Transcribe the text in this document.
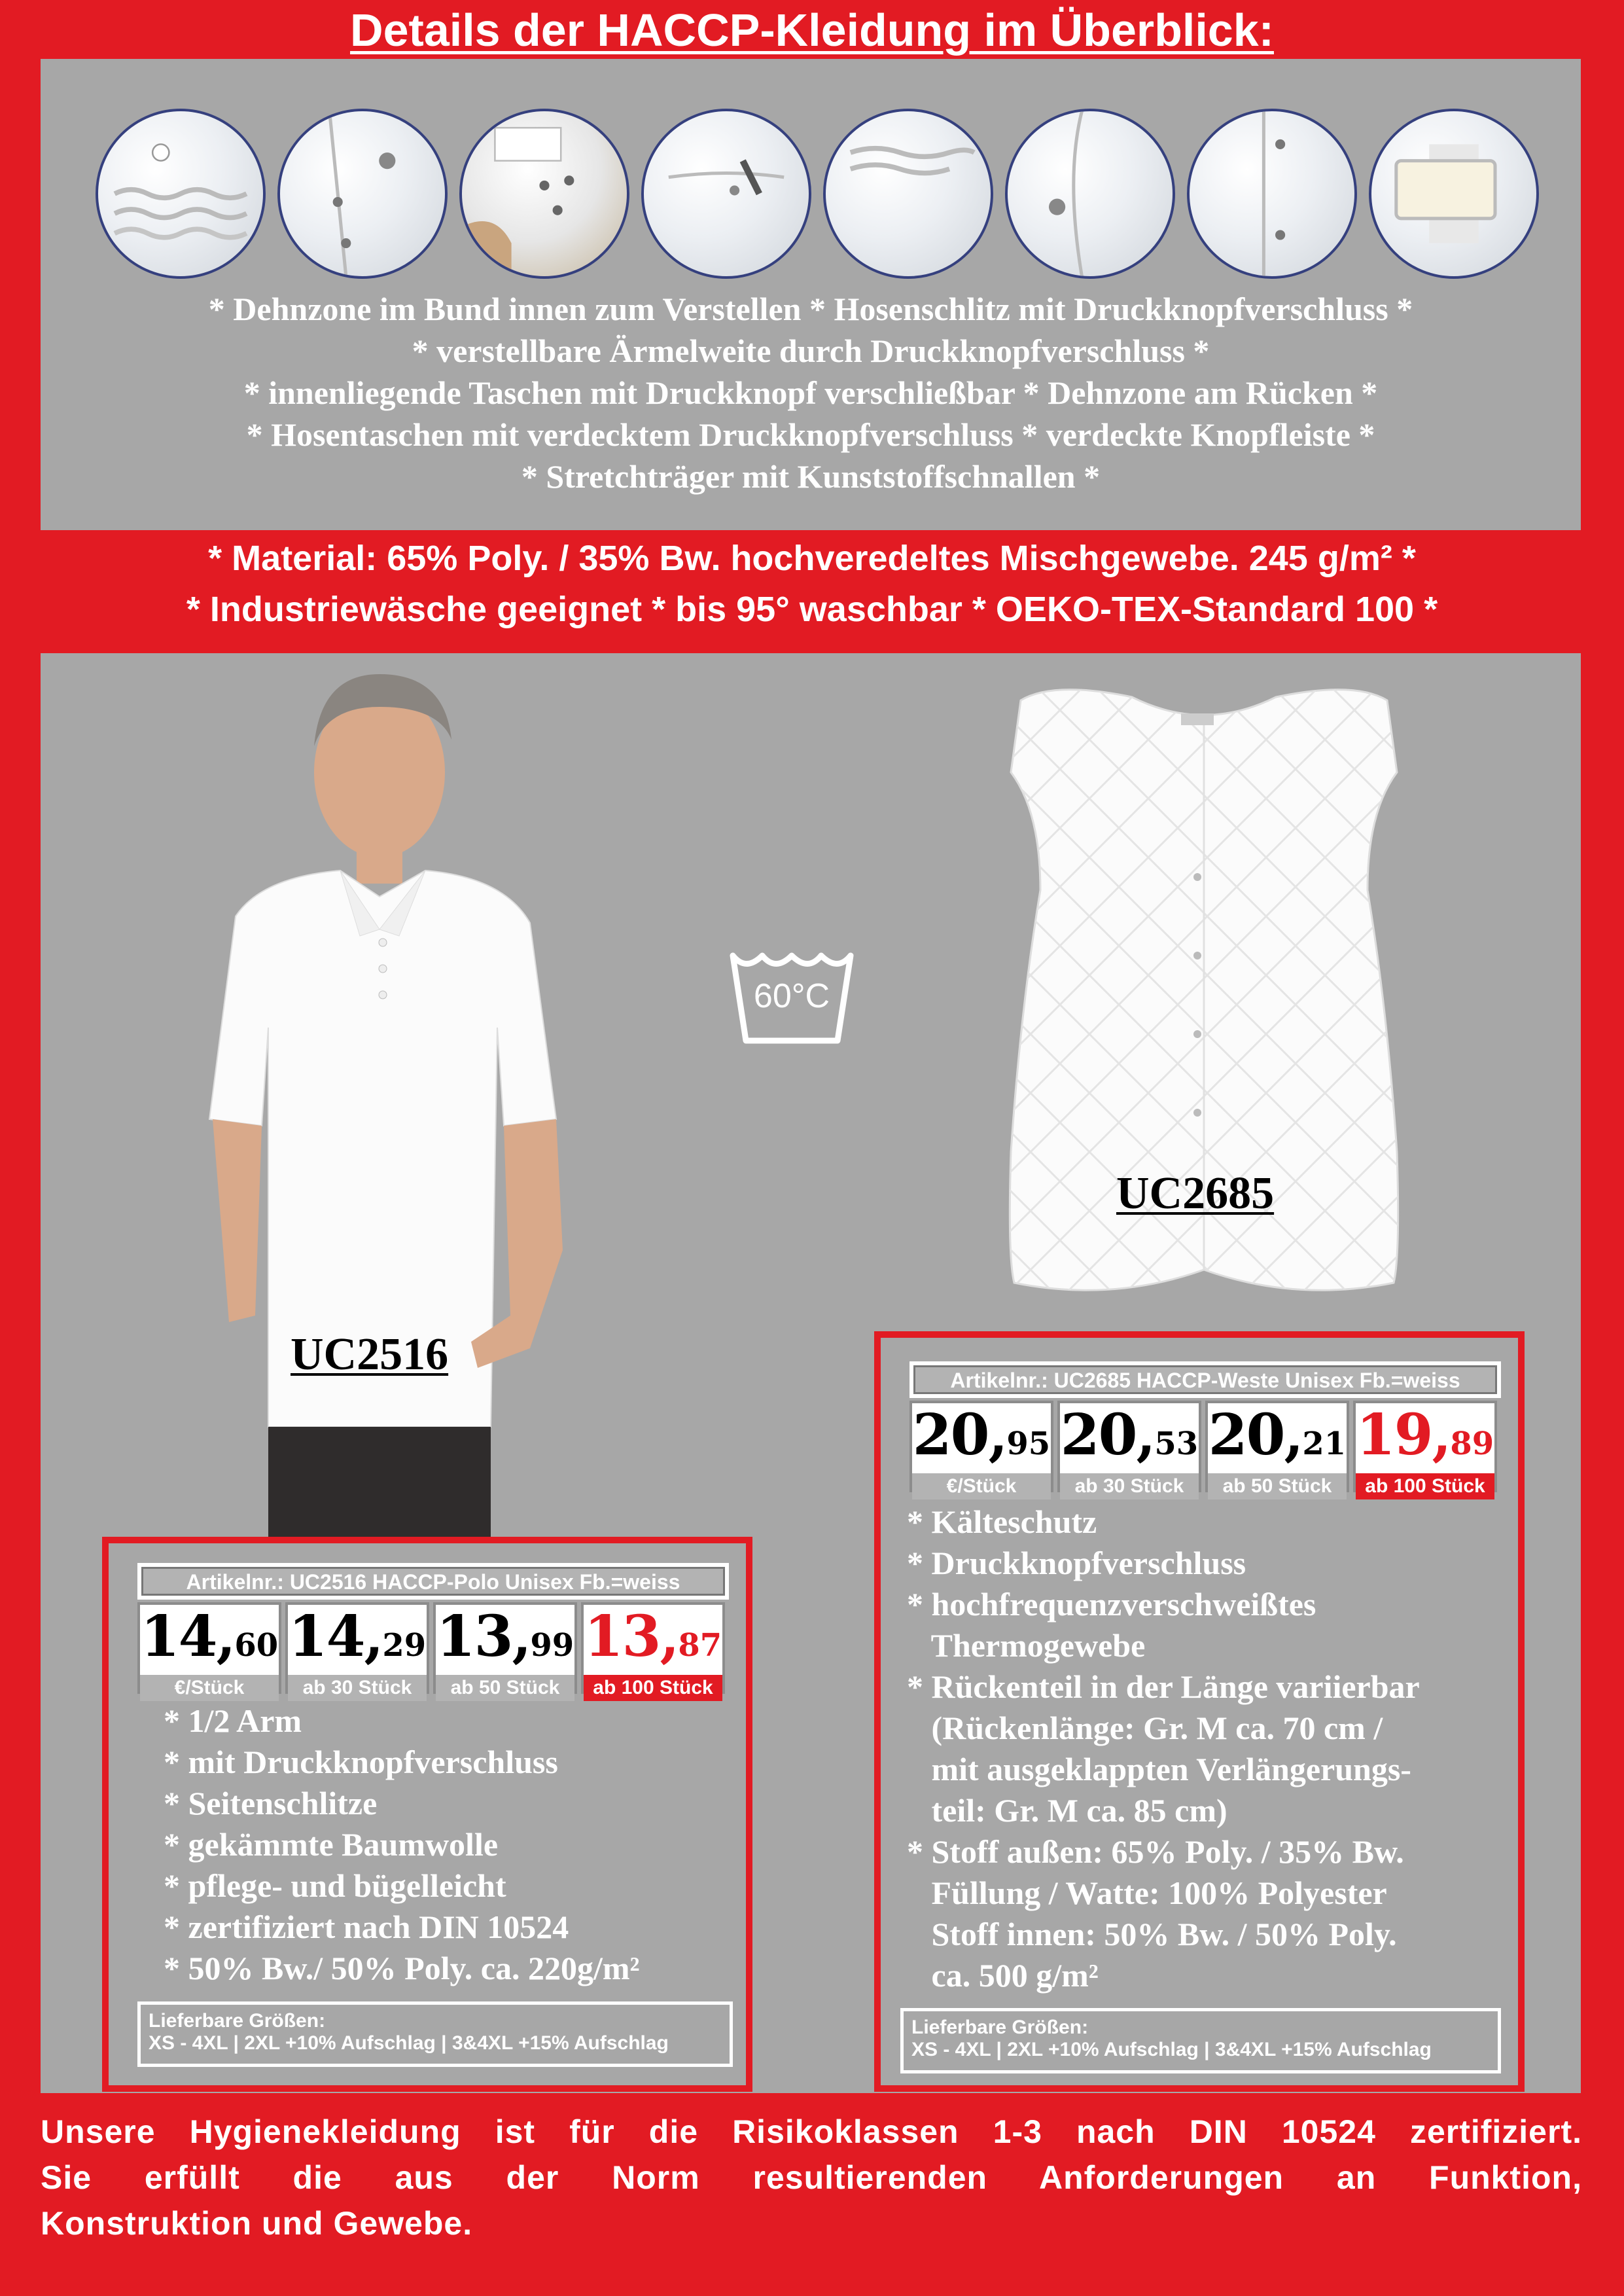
Details der HACCP-Kleidung im Überblick:
* Dehnzone im Bund innen zum Verstellen * Hosenschlitz mit Druckknopfverschluss *
* verstellbare Ärmelweite durch Druckknopfverschluss *
* innenliegende Taschen mit Druckknopf verschließbar * Dehnzone am Rücken *
* Hosentaschen mit verdecktem Druckknopfverschluss * verdeckte Knopfleiste *
* Stretchträger mit Kunststoffschnallen *
* Material: 65% Poly. / 35% Bw. hochveredeltes Mischgewebe. 245 g/m² *
* Industriewäsche geeignet * bis 95° waschbar * OEKO-TEX-Standard 100 *
UC2516
60°C
UC2685
Artikelnr.: UC2516 HACCP-Polo Unisex Fb.=weiss
14,60
€/Stück
14,29
ab 30 Stück
13,99
ab 50 Stück
13,87
ab 100 Stück
* 1/2 Arm
* mit Druckknopfverschluss
* Seitenschlitze
* gekämmte Baumwolle
* pflege- und bügelleicht
* zertifiziert nach DIN 10524
* 50% Bw./ 50% Poly. ca. 220g/m²
Lieferbare Größen:
XS - 4XL | 2XL +10% Aufschlag | 3&4XL +15% Aufschlag
Artikelnr.: UC2685 HACCP-Weste Unisex Fb.=weiss
20,95
€/Stück
20,53
ab 30 Stück
20,21
ab 50 Stück
19,89
ab 100 Stück
* Kälteschutz
* Druckknopfverschluss
* hochfrequenzverschweißtes
Thermogewebe
* Rückenteil in der Länge variierbar
(Rückenlänge: Gr. M ca. 70 cm /
mit ausgeklappten Verlängerungs-
teil: Gr. M ca. 85 cm)
* Stoff außen: 65% Poly. / 35% Bw.
Füllung / Watte: 100% Polyester
Stoff innen: 50% Bw. / 50% Poly.
ca. 500 g/m²
Lieferbare Größen:
XS - 4XL | 2XL +10% Aufschlag | 3&4XL +15% Aufschlag
Unsere Hygienekleidung ist für die Risikoklassen 1-3 nach DIN 10524 zertifiziert.
Sie erfüllt die aus der Norm resultierenden Anforderungen an Funktion,
Konstruktion und Gewebe.
